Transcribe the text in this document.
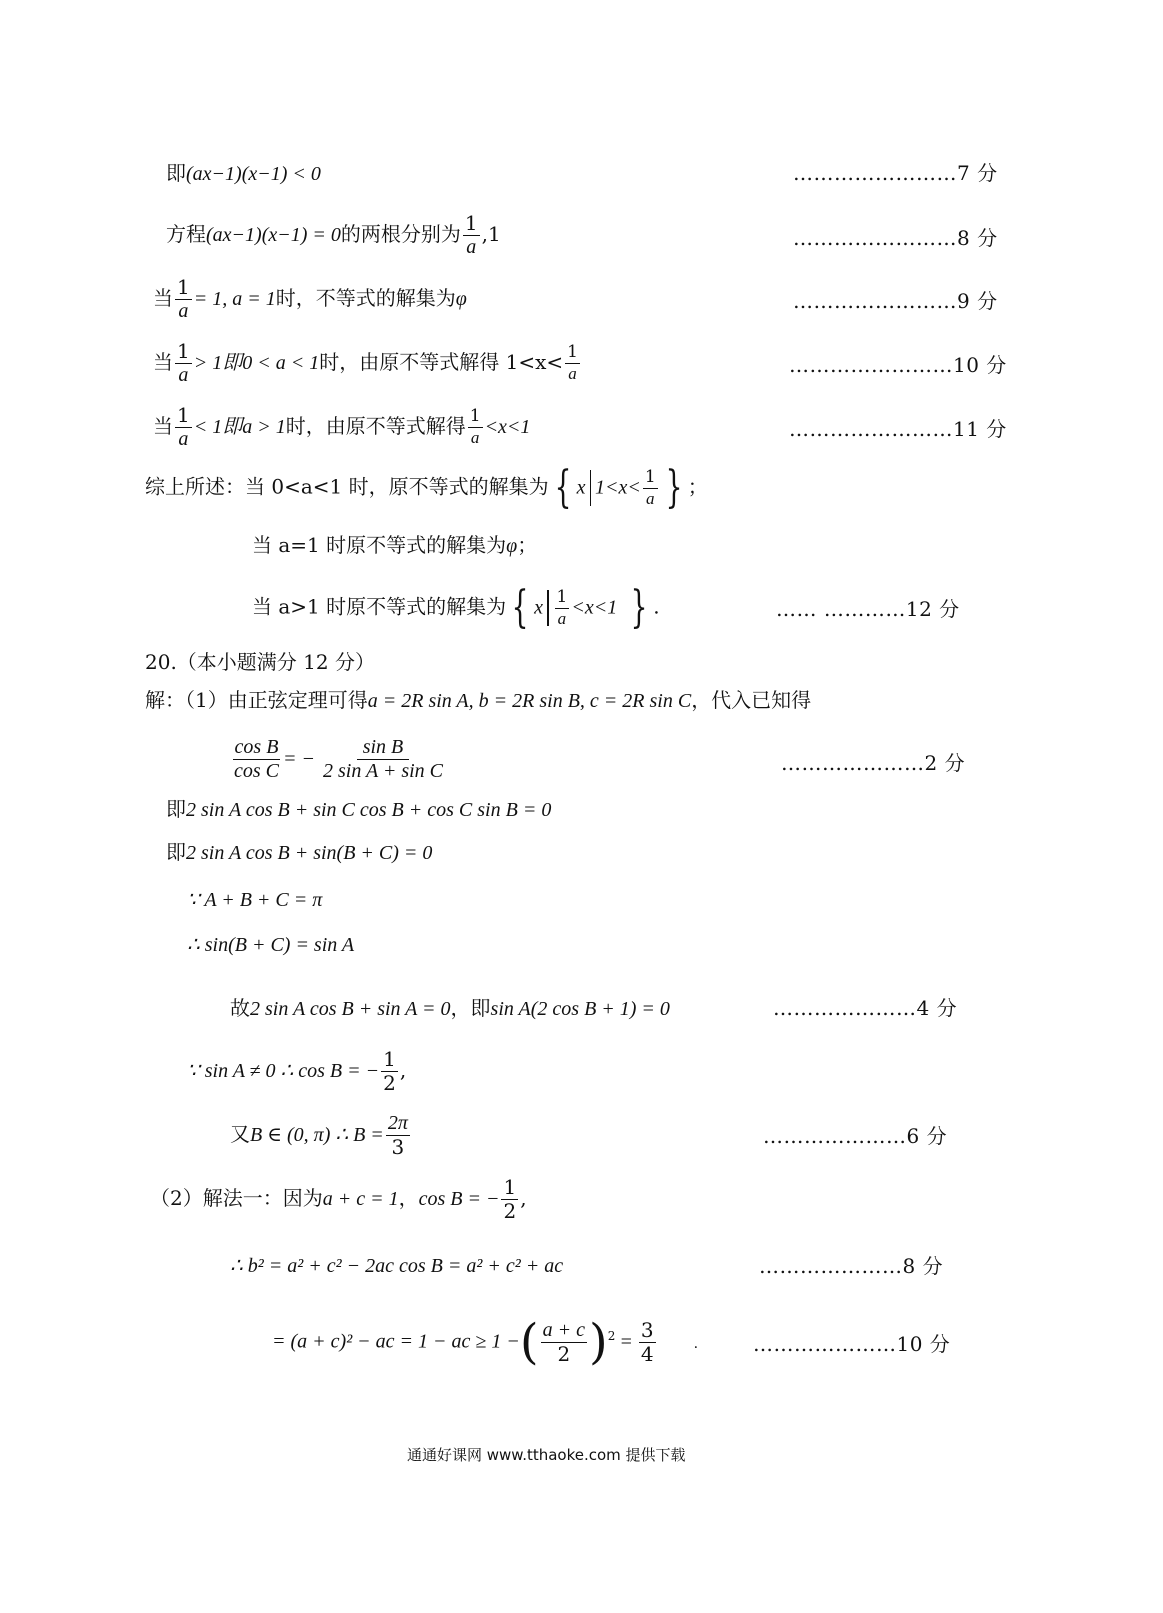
即(ax−1)(x−1) < 0	……………………7 分
方程(ax−1)(x−1) = 0的两根分别为 $\frac{1}{a} ,1$	……………………8 分
当 $\frac{1}{a} = 1$, a = 1时，不等式的解集为φ	……………………9 分
当 $\frac{1}{a} > 1$即0 < a < 1时，由原不等式解得 $1<x< \frac{1}{a}$	……………………10 分
当 $\frac{1}{a} < 1$即a > 1时，由原不等式解得 $\frac{1}{a} <x<1$	……………………11 分
综上所述：当 0<a<1 时，原不等式的解集为 { x $1<x< \frac{1}{a}$ } ；
当 a=1 时原不等式的解集为φ；
当 a>1 时原不等式的解集为 { x $\frac{1}{a} <x<1$ } .	…… …………12 分
20.（本小题满分 12 分）
解：（1）由正弦定理可得a = 2R sin A, b = 2R sin B, c = 2R sin C，代入已知得
$\frac{\text{cos B}}{\text{cos C}}$ = − $\frac{\text{sin B}}{\text{2 sin A + sin C}}$	…………………2 分
即2 sin A cos B + sin C cos B + cos C sin B = 0
即2 sin A cos B + sin(B + C) = 0
∵ A + B + C = π
∴ sin(B + C) = sin A
故2 sin A cos B + sin A = 0，即sin A(2 cos B + 1) = 0	…………………4 分
∵ sin A ≠ 0 ∴ cos B = − $\frac{1}{2}$ ,
又B ∈ (0, π) ∴ $B = \frac{2\pi}{3}$	…………………6 分
（2）解法一：因为a + c = 1，cos B = − $\frac{1}{2}$ ,
∴ b² = a² + c² − 2ac cos B = a² + c² + ac	…………………8 分
= (a + c)² − ac = 1 − ac ≥ 1 −( $\frac{a + c}{2} )^2 = \frac{3}{4}$	.	…………………10 分
通通好课网 www.tthaoke.com 提供下载
